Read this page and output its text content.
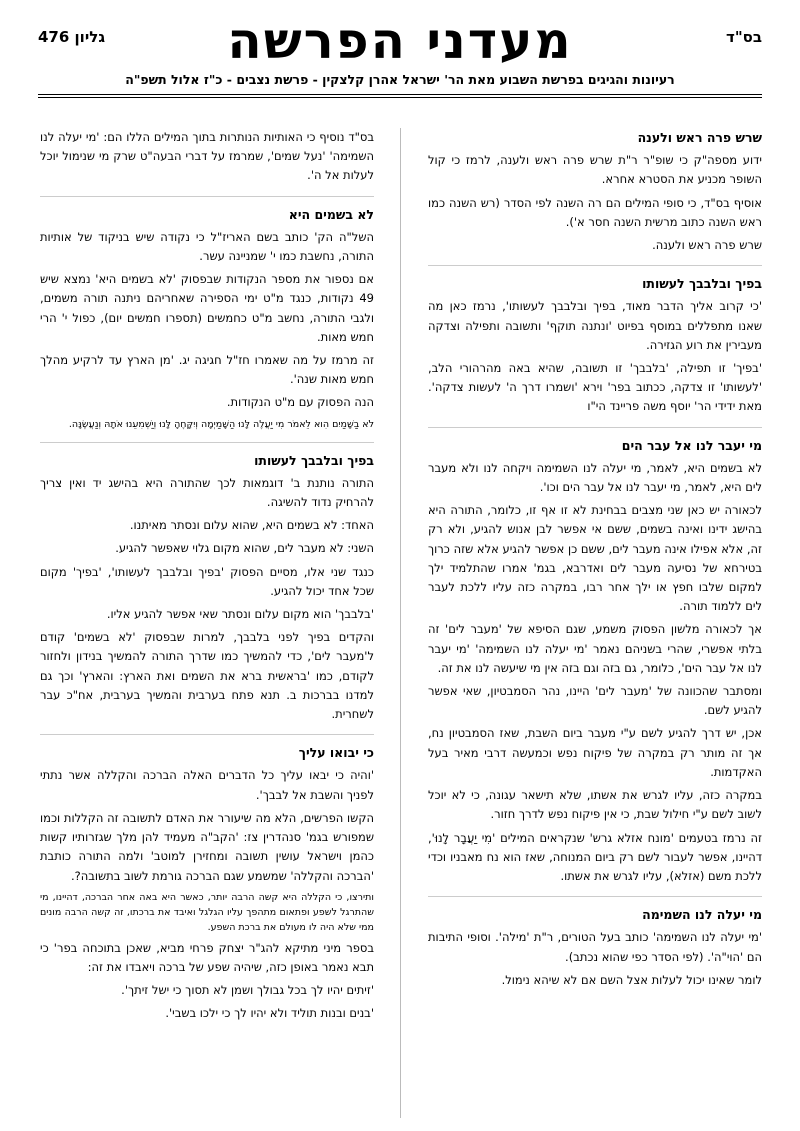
בס"ד
מעדני הפרשה
גליון 476
רעיונות והגיגים בפרשת השבוע מאת הר' ישראל אהרן קלצקין - פרשת נצבים - כ"ז אלול תשפ"ה
שרש פרה ראש ולענה

ידוע מספה"ק כי שופ"ר ר"ת שרש פרה ראש ולענה, לרמז כי קול השופר מכניע את הסטרא אחרא.

אוסיף בס"ד, כי סופי המילים הם רה השנה לפי הסדר (רש השנה כמו ראש השנה כתוב מרשית השנה חסר א').

שרש פרה ראש ולענה.

בפיך ובלבבך לעשותו

'כי קרוב אליך הדבר מאוד, בפיך ובלבבך לעשותו', נרמז כאן מה שאנו מתפללים במוסף בפיוט 'ונתנה תוקף' ותשובה ותפילה וצדקה מעבירין את רוע הגזירה.

'בפיך' זו תפילה, 'בלבבך' זו תשובה, שהיא באה מהרהורי הלב, 'לעשותו' זו צדקה, ככתוב בפר' וירא 'ושמרו דרך ה' לעשות צדקה'. מאת ידידי הר' יוסף משה פריינד הי"ו

מי יעבר לנו אל עבר הים

לא בשמים היא, לאמר, מי יעלה לנו השמימה ויקחה לנו ולא מעבר לים היא, לאמר, מי יעבר לנו אל עבר הים וכו'.

לכאורה יש כאן שני מצבים בבחינת לא זו אף זו, כלומר, התורה היא בהישג ידינו ואינה בשמים, ששם אי אפשר לבן אנוש להגיע, ולא רק זה, אלא אפילו אינה מעבר לים, ששם כן אפשר להגיע אלא שזה כרוך בטירחא של נסיעה מעבר לים ואדרבא, בגמ' אמרו שהתלמיד ילך למקום שלבו חפץ או ילך אחר רבו, במקרה כזה עליו ללכת לעבר לים ללמוד תורה.

אך לכאורה מלשון הפסוק משמע, שגם הסיפא של 'מעבר לים' זה בלתי אפשרי, שהרי בשניהם נאמר 'מי יעלה לנו השמימה' 'מי יעבר לנו אל עבר הים', כלומר, גם בזה וגם בזה אין מי שיעשה לנו את זה.

ומסתבר שהכוונה של 'מעבר לים' היינו, נהר הסמבטיון, שאי אפשר להגיע לשם.

אכן, יש דרך להגיע לשם ע"י מעבר ביום השבת, שאז הסמבטיון נח, אך זה מותר רק במקרה של פיקוח נפש וכמעשה דרבי מאיר בעל האקדמות.

במקרה כזה, עליו לגרש את אשתו, שלא תישאר עגונה, כי לא יוכל לשוב לשם ע"י חילול שבת, כי אין פיקוח נפש לדרך חזור.

זה נרמז בטעמים 'מונח אזלא גרש' שנקראים המילים 'מִי יַעֲבָר לָנוּ', דהיינו, אפשר לעבור לשם רק ביום המנוחה, שאז הוא נח מאבניו וכדי ללכת משם (אזלא), עליו לגרש את אשתו.

מי יעלה לנו השמימה

'מי יעלה לנו השמימה' כותב בעל הטורים, ר"ת 'מילה'. וסופי התיבות הם 'הוי"ה'. (לפי הסדר כפי שהוא נכתב).

לומר שאינו יכול לעלות אצל השם אם לא שיהא נימול.

בס"ד נוסיף כי האותיות הנותרות בתוך המילים הללו הם: 'מי יעלה לנו השמימה' 'נעל שמים', שמרמז על דברי הבעה"ט שרק מי שנימול יוכל לעלות אל ה'.

לא בשמים היא

השל"ה הק' כותב בשם האריז"ל כי נקודה שיש בניקוד של אותיות התורה, נחשבת כמו י' שמניינה עשר.

אם נספור את מספר הנקודות שבפסוק 'לא בשמים היא' נמצא שיש 49 נקודות, כנגד מ"ט ימי הספירה שאחריהם ניתנה תורה משמים, ולגבי התורה, נחשב מ"ט כחמשים (תספרו חמשים יום), כפול י' הרי חמש מאות.

זה מרמז על מה שאמרו חז"ל חגיגה יג. 'מן הארץ עד לרקיע מהלך חמש מאות שנה'.

הנה הפסוק עם מ"ט הנקודות.

לֹא בַשָּׁמַיִם הִוא לֵאמֹר מִי יַעֲלֶה לָּנוּ הַשָּׁמַיְמָה וְיִקָּחֶהָ לָּנוּ וְיַשְׁמִעֵנוּ אֹתָהּ וְנַעֲשֶׂנָּה.

בפיך ובלבבך לעשותו

התורה נותנת ב' דוגמאות לכך שהתורה היא בהישג יד ואין צריך להרחיק נדוד להשיגה.

האחד: לא בשמים היא, שהוא עלום ונסתר מאיתנו.

השני: לא מעבר לים, שהוא מקום גלוי שאפשר להגיע.

כנגד שני אלו, מסיים הפסוק 'בפיך ובלבבך לעשותו', 'בפיך' מקום שכל אחד יכול להגיע.

'בלבבך' הוא מקום עלום ונסתר שאי אפשר להגיע אליו.

והקדים בפיך לפני בלבבך, למרות שבפסוק 'לא בשמים' קודם ל'מעבר לים', כדי להמשיך כמו שדרך התורה להמשיך בנידון ולחזור לקודם, כמו 'בראשית ברא את השמים ואת הארץ: והארץ' וכך גם למדנו בברכות ב. תנא פתח בערבית והמשיך בערבית, אח"כ עבר לשחרית.

כי יבואו עליך

'והיה כי יבאו עליך כל הדברים האלה הברכה והקללה אשר נתתי לפניך והשבת אל לבבך'.

הקשו הפרשים, הלא מה שיעורר את האדם לתשובה זה הקללות וכמו שמפורש בגמ' סנהדרין צז: 'הקב"ה מעמיד להן מלך שגזרותיו קשות כהמן וישראל עושין תשובה ומחזירן למוטב' ולמה התורה כותבת 'הברכה והקללה' שמשמע שגם הברכה גורמת לשוב בתשובה?.

ותירצו, כי הקללה היא קשה הרבה יותר, כאשר היא באה אחר הברכה, דהיינו, מי שהתרגל לשפע ופתאום מתהפך עליו הגלגל ואיבד את ברכתו, זה קשה הרבה מונים ממי שלא היה לו מעולם את ברכת השפע.

בספר מיני מתיקא להג"ר יצחק פרחי מביא, שאכן בתוכחה בפר' כי תבא נאמר באופן כזה, שיהיה שפע של ברכה ויאבדו את זה:

'זיתים יהיו לך בכל גבולך ושמן לא תסוך כי ישל זיתך'.

'בנים ובנות תוליד ולא יהיו לך כי ילכו בשבי'.
